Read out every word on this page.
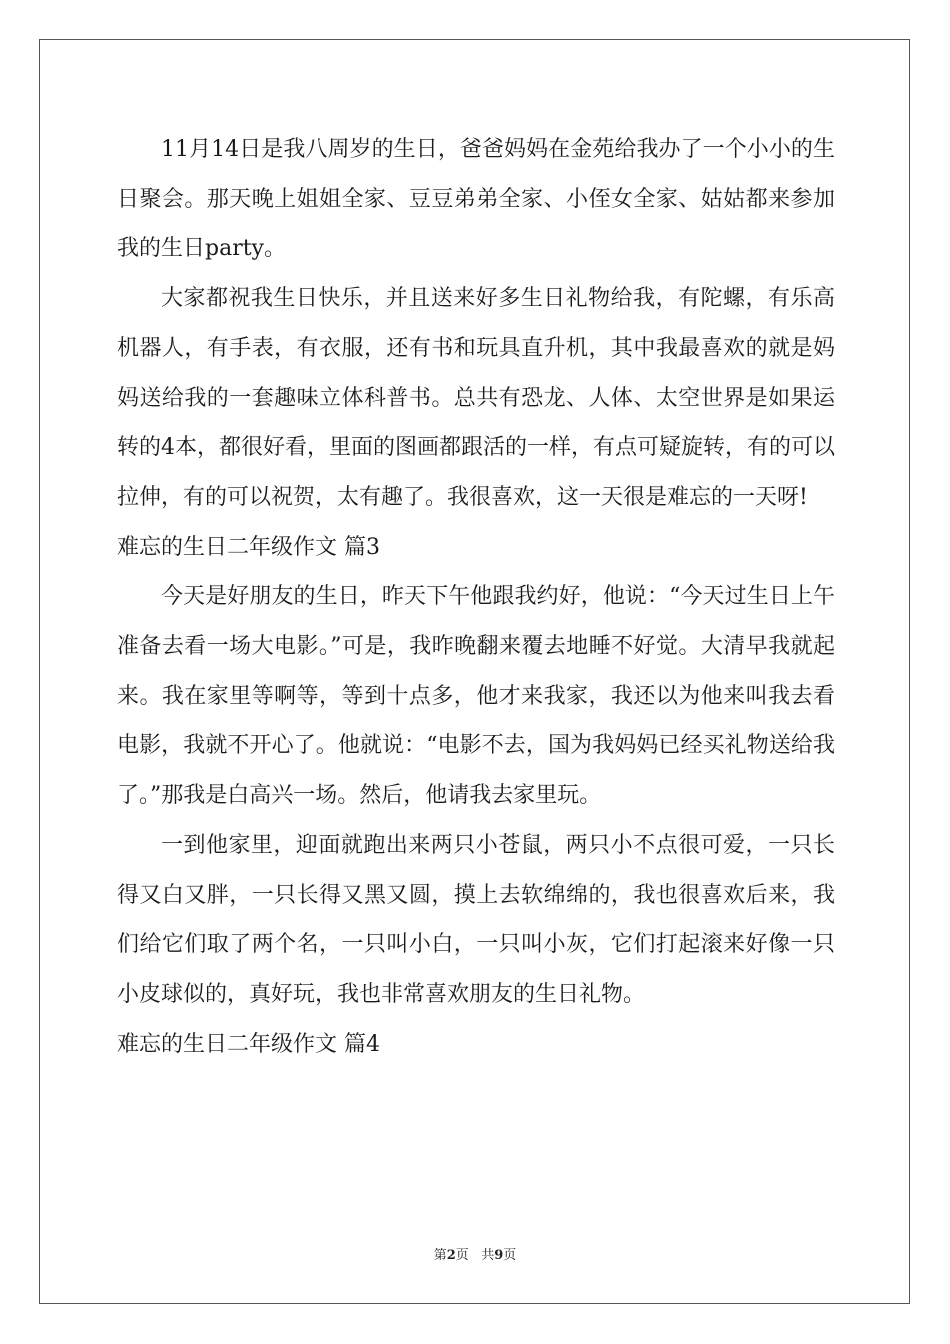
11月14日是我八周岁的生日，爸爸妈妈在金苑给我办了一个小小的生日聚会。那天晚上姐姐全家、豆豆弟弟全家、小侄女全家、姑姑都来参加我的生日party。

大家都祝我生日快乐，并且送来好多生日礼物给我，有陀螺，有乐高机器人，有手表，有衣服，还有书和玩具直升机，其中我最喜欢的就是妈妈送给我的一套趣味立体科普书。总共有恐龙、人体、太空世界是如果运转的4本，都很好看，里面的图画都跟活的一样，有点可疑旋转，有的可以拉伸，有的可以祝贺，太有趣了。我很喜欢，这一天很是难忘的一天呀!

难忘的生日二年级作文 篇3

今天是好朋友的生日，昨天下午他跟我约好，他说：“今天过生日上午准备去看一场大电影。”可是，我昨晚翻来覆去地睡不好觉。大清早我就起来。我在家里等啊等，等到十点多，他才来我家，我还以为他来叫我去看电影，我就不开心了。他就说：“电影不去，国为我妈妈已经买礼物送给我了。”那我是白高兴一场。然后，他请我去家里玩。

一到他家里，迎面就跑出来两只小苍鼠，两只小不点很可爱，一只长得又白又胖，一只长得又黑又圆，摸上去软绵绵的，我也很喜欢后来，我们给它们取了两个名，一只叫小白，一只叫小灰，它们打起滚来好像一只小皮球似的，真好玩，我也非常喜欢朋友的生日礼物。

难忘的生日二年级作文 篇4

第2页 共9页
